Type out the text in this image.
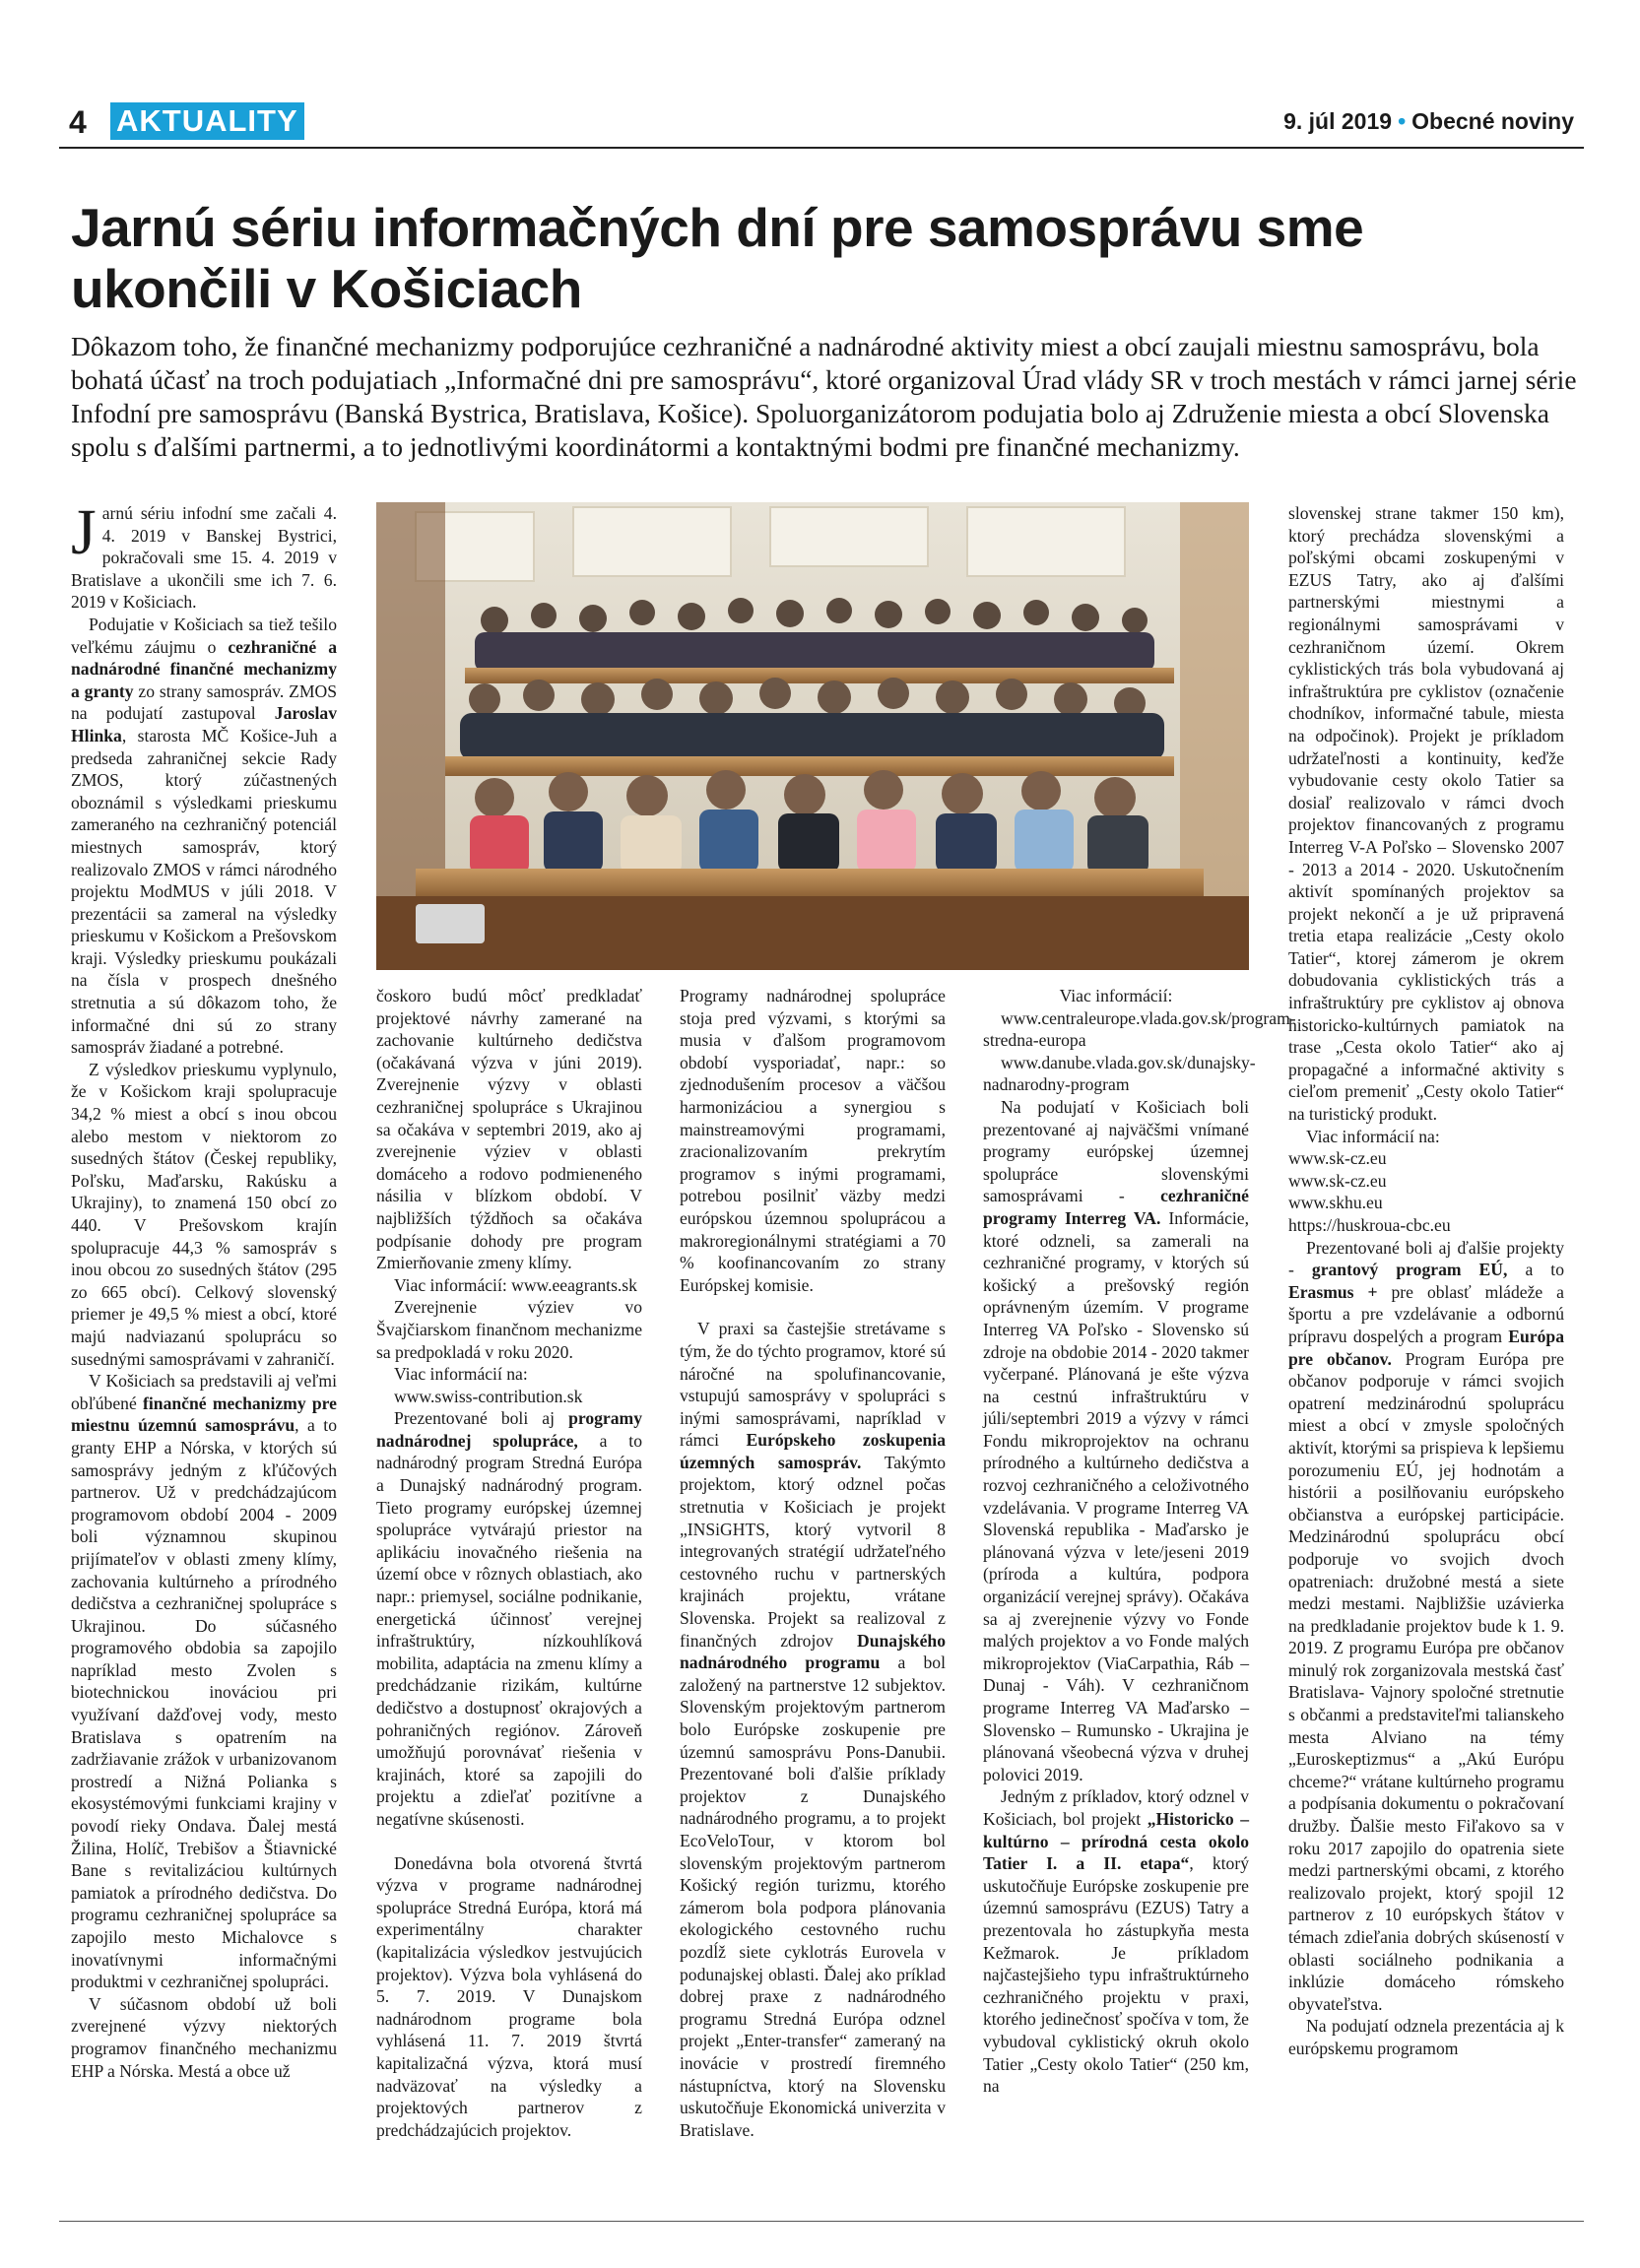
4 AKTUALITY	9. júl 2019 • Obecné noviny
Jarnú sériu informačných dní pre samosprávu sme ukončili v Košiciach

Dôkazom toho, že finančné mechanizmy podporujúce cezhraničné a nadnárodné aktivity miest a obcí zaujali miestnu samosprávu, bola bohatá účasť na troch podujatiach „Informačné dni pre samosprávu“, ktoré organizoval Úrad vlády SR v troch mestách v rámci jarnej série Infodní pre samosprávu (Banská Bystrica, Bratislava, Košice). Spoluorganizátorom podujatia bolo aj Združenie miesta a obcí Slovenska spolu s ďalšími partnermi, a to jednotlivými koordinátormi a kontaktnými bodmi pre finančné mechanizmy.

Jarnú sériu infodní sme začali 4. 4. 2019 v Banskej Bystrici, pokračovali sme 15. 4. 2019 v Bratislave a ukončili sme ich 7. 6. 2019 v Košiciach.

Podujatie v Košiciach sa tiež tešilo veľkému záujmu o cezhraničné a nadnárodné finančné mechanizmy a granty zo strany samospráv. ZMOS na podujatí zastupoval Jaroslav Hlinka, starosta MČ Košice-Juh a predseda zahraničnej sekcie Rady ZMOS, ktorý zúčastnených oboznámil s výsledkami prieskumu zameraného na cezhraničný potenciál miestnych samospráv, ktorý realizovalo ZMOS v rámci národného projektu ModMUS v júli 2018. V prezentácii sa zameral na výsledky prieskumu v Košickom a Prešovskom kraji. Výsledky prieskumu poukázali na čísla v prospech dnešného stretnutia a sú dôkazom toho, že informačné dni sú zo strany samospráv žiadané a potrebné.

Z výsledkov prieskumu vyplynulo, že v Košickom kraji spolupracuje 34,2 % miest a obcí s inou obcou alebo mestom v niektorom zo susedných štátov (Českej republiky, Poľsku, Maďarsku, Rakúsku a Ukrajiny), to znamená 150 obcí zo 440. V Prešovskom krajín spolupracuje 44,3 % samospráv s inou obcou zo susedných štátov (295 zo 665 obcí). Celkový slovenský priemer je 49,5 % miest a obcí, ktoré majú nadviazanú spoluprácu so susednými samosprávami v zahraničí.

V Košiciach sa predstavili aj veľmi obľúbené finančné mechanizmy pre miestnu územnú samosprávu, a to granty EHP a Nórska, v ktorých sú samosprávy jedným z kľúčových partnerov. Už v predchádzajúcom programovom období 2004 - 2009 boli významnou skupinou prijímateľov v oblasti zmeny klímy, zachovania kultúrneho a prírodného dedičstva a cezhraničnej spolupráce s Ukrajinou. Do súčasného programového obdobia sa zapojilo napríklad mesto Zvolen s biotechnickou inováciou pri využívaní dažďovej vody, mesto Bratislava s opatrením na zadržiavanie zrážok v urbanizovanom prostredí a Nižná Polianka s ekosystémovými funkciami krajiny v povodí rieky Ondava. Ďalej mestá Žilina, Holíč, Trebišov a Štiavnické Bane s revitalizáciou kultúrnych pamiatok a prírodného dedičstva. Do programu cezhraničnej spolupráce sa zapojilo mesto Michalovce s inovatívnymi informačnými produktmi v cezhraničnej spolupráci.

V súčasnom období už boli zverejnené výzvy niektorých programov finančného mechanizmu EHP a Nórska. Mestá a obce už

čoskoro budú môcť predkladať projektové návrhy zamerané na zachovanie kultúrneho dedičstva (očakávaná výzva v júni 2019). Zverejnenie výzvy v oblasti cezhraničnej spolupráce s Ukrajinou sa očakáva v septembri 2019, ako aj zverejnenie výziev v oblasti domáceho a rodovo podmieneného násilia v blízkom období. V najbližších týždňoch sa očakáva podpísanie dohody pre program Zmierňovanie zmeny klímy.

Viac informácií: www.eeagrants.sk

Zverejnenie výziev vo Švajčiarskom finančnom mechanizme sa predpokladá v roku 2020.

Viac informácií na:

www.swiss-contribution.sk

Prezentované boli aj programy nadnárodnej spolupráce, a to nadnárodný program Stredná Európa a Dunajský nadnárodný program. Tieto programy európskej územnej spolupráce vytvárajú priestor na aplikáciu inovačného riešenia na území obce v rôznych oblastiach, ako napr.: priemysel, sociálne podnikanie, energetická účinnosť verejnej infraštruktúry, nízkouhlíková mobilita, adaptácia na zmenu klímy a predchádzanie rizikám, kultúrne dedičstvo a dostupnosť okrajových a pohraničných regiónov. Zároveň umožňujú porovnávať riešenia v krajinách, ktoré sa zapojili do projektu a zdieľať pozitívne a negatívne skúsenosti.

Donedávna bola otvorená štvrtá výzva v programe nadnárodnej spolupráce Stredná Európa, ktorá má experimentálny charakter (kapitalizácia výsledkov jestvujúcich projektov). Výzva bola vyhlásená do 5. 7. 2019. V Dunajskom nadnárodnom programe bola vyhlásená 11. 7. 2019 štvrtá kapitalizačná výzva, ktorá musí nadväzovať na výsledky a projektových partnerov z predchádzajúcich projektov.

Programy nadnárodnej spolupráce stoja pred výzvami, s ktorými sa musia v ďalšom programovom období vysporiadať, napr.: so zjednodušením procesov a väčšou harmonizáciou a synergiou s mainstreamovými programami, zracionalizovaním prekrytím programov s inými programami, potrebou posilniť väzby medzi európskou územnou spoluprácou a makroregionálnymi stratégiami a 70 % koofinancovaním zo strany Európskej komisie.

V praxi sa častejšie stretávame s tým, že do týchto programov, ktoré sú náročné na spolufinancovanie, vstupujú samosprávy v spolupráci s inými samosprávami, napríklad v rámci Európskeho zoskupenia územných samospráv. Takýmto projektom, ktorý odznel počas stretnutia v Košiciach je projekt „INSiGHTS, ktorý vytvoril 8 integrovaných stratégií udržateľného cestovného ruchu v partnerských krajinách projektu, vrátane Slovenska. Projekt sa realizoval z finančných zdrojov Dunajského nadnárodného programu a bol založený na partnerstve 12 subjektov. Slovenským projektovým partnerom bolo Európske zoskupenie pre územnú samosprávu Pons-Danubii. Prezentované boli ďalšie príklady projektov z Dunajského nadnárodného programu, a to projekt EcoVeloTour, v ktorom bol slovenským projektovým partnerom Košický región turizmu, ktorého zámerom bola podpora plánovania ekologického cestovného ruchu pozdĺž siete cyklotrás Eurovela v podunajskej oblasti. Ďalej ako príklad dobrej praxe z nadnárodného programu Stredná Európa odznel projekt „Enter-transfer“ zameraný na inovácie v prostredí firemného nástupníctva, ktorý na Slovensku uskutočňuje Ekonomická univerzita v Bratislave.

Viac informácií:

www.centraleurope.vlada.gov.sk/program-stredna-europa

www.danube.vlada.gov.sk/dunajsky-nadnarodny-program

Na podujatí v Košiciach boli prezentované aj najväčšmi vnímané programy európskej územnej spolupráce slovenskými samosprávami - cezhraničné programy Interreg VA. Informácie, ktoré odzneli, sa zamerali na cezhraničné programy, v ktorých sú košický a prešovský región oprávneným územím. V programe Interreg VA Poľsko - Slovensko sú zdroje na obdobie 2014 - 2020 takmer vyčerpané. Plánovaná je ešte výzva na cestnú infraštruktúru v júli/septembri 2019 a výzvy v rámci Fondu mikroprojektov na ochranu prírodného a kultúrneho dedičstva a rozvoj cezhraničného a celoživotného vzdelávania. V programe Interreg VA Slovenská republika - Maďarsko je plánovaná výzva v lete/jeseni 2019 (príroda a kultúra, podpora organizácií verejnej správy). Očakáva sa aj zverejnenie výzvy vo Fonde malých projektov a vo Fonde malých mikroprojektov (ViaCarpathia, Ráb – Dunaj - Váh). V cezhraničnom programe Interreg VA Maďarsko – Slovensko – Rumunsko - Ukrajina je plánovaná všeobecná výzva v druhej polovici 2019.

Jedným z príkladov, ktorý odznel v Košiciach, bol projekt „Historicko – kultúrno – prírodná cesta okolo Tatier I. a II. etapa“, ktorý uskutočňuje Európske zoskupenie pre územnú samosprávu (EZUS) Tatry a prezentovala ho zástupkyňa mesta Kežmarok. Je príkladom najčastejšieho typu infraštruktúrneho cezhraničného projektu v praxi, ktorého jedinečnosť spočíva v tom, že vybudoval cyklistický okruh okolo Tatier „Cesty okolo Tatier“ (250 km, na

slovenskej strane takmer 150 km), ktorý prechádza slovenskými a poľskými obcami zoskupenými v EZUS Tatry, ako aj ďalšími partnerskými miestnymi a regionálnymi samosprávami v cezhraničnom území. Okrem cyklistických trás bola vybudovaná aj infraštruktúra pre cyklistov (označenie chodníkov, informačné tabule, miesta na odpočinok). Projekt je príkladom udržateľnosti a kontinuity, keďže vybudovanie cesty okolo Tatier sa dosiaľ realizovalo v rámci dvoch projektov financovaných z programu Interreg V-A Poľsko – Slovensko 2007 - 2013 a 2014 - 2020. Uskutočnením aktivít spomínaných projektov sa projekt nekončí a je už pripravená tretia etapa realizácie „Cesty okolo Tatier“, ktorej zámerom je okrem dobudovania cyklistických trás a infraštruktúry pre cyklistov aj obnova historicko-kultúrnych pamiatok na trase „Cesta okolo Tatier“ ako aj propagačné a informačné aktivity s cieľom premeniť „Cesty okolo Tatier“ na turistický produkt.

Viac informácií na:

www.sk-cz.eu

www.sk-cz.eu

www.skhu.eu

https://huskroua-cbc.eu

Prezentované boli aj ďalšie projekty - grantový program EÚ, a to Erasmus + pre oblasť mládeže a športu a pre vzdelávanie a odbornú prípravu dospelých a program Európa pre občanov. Program Európa pre občanov podporuje v rámci svojich opatrení medzinárodnú spoluprácu miest a obcí v zmysle spoločných aktivít, ktorými sa prispieva k lepšiemu porozumeniu EÚ, jej hodnotám a histórii a posilňovaniu európskeho občianstva a európskej participácie. Medzinárodnú spoluprácu obcí podporuje vo svojich dvoch opatreniach: družobné mestá a siete medzi mestami. Najbližšie uzávierka na predkladanie projektov bude k 1. 9. 2019. Z programu Európa pre občanov minulý rok zorganizovala mestská časť Bratislava- Vajnory spoločné stretnutie s občanmi a predstaviteľmi talianskeho mesta Alviano na témy „Euroskeptizmus“ a „Akú Európu chceme?“ vrátane kultúrneho programu a podpísania dokumentu o pokračovaní družby. Ďalšie mesto Fiľakovo sa v roku 2017 zapojilo do opatrenia siete medzi partnerskými obcami, z ktorého realizovalo projekt, ktorý spojil 12 partnerov z 10 európskych štátov v témach zdieľania dobrých skúseností v oblasti sociálneho podnikania a inklúzie domáceho rómskeho obyvateľstva.

Na podujatí odznela prezentácia aj k európskemu programom
